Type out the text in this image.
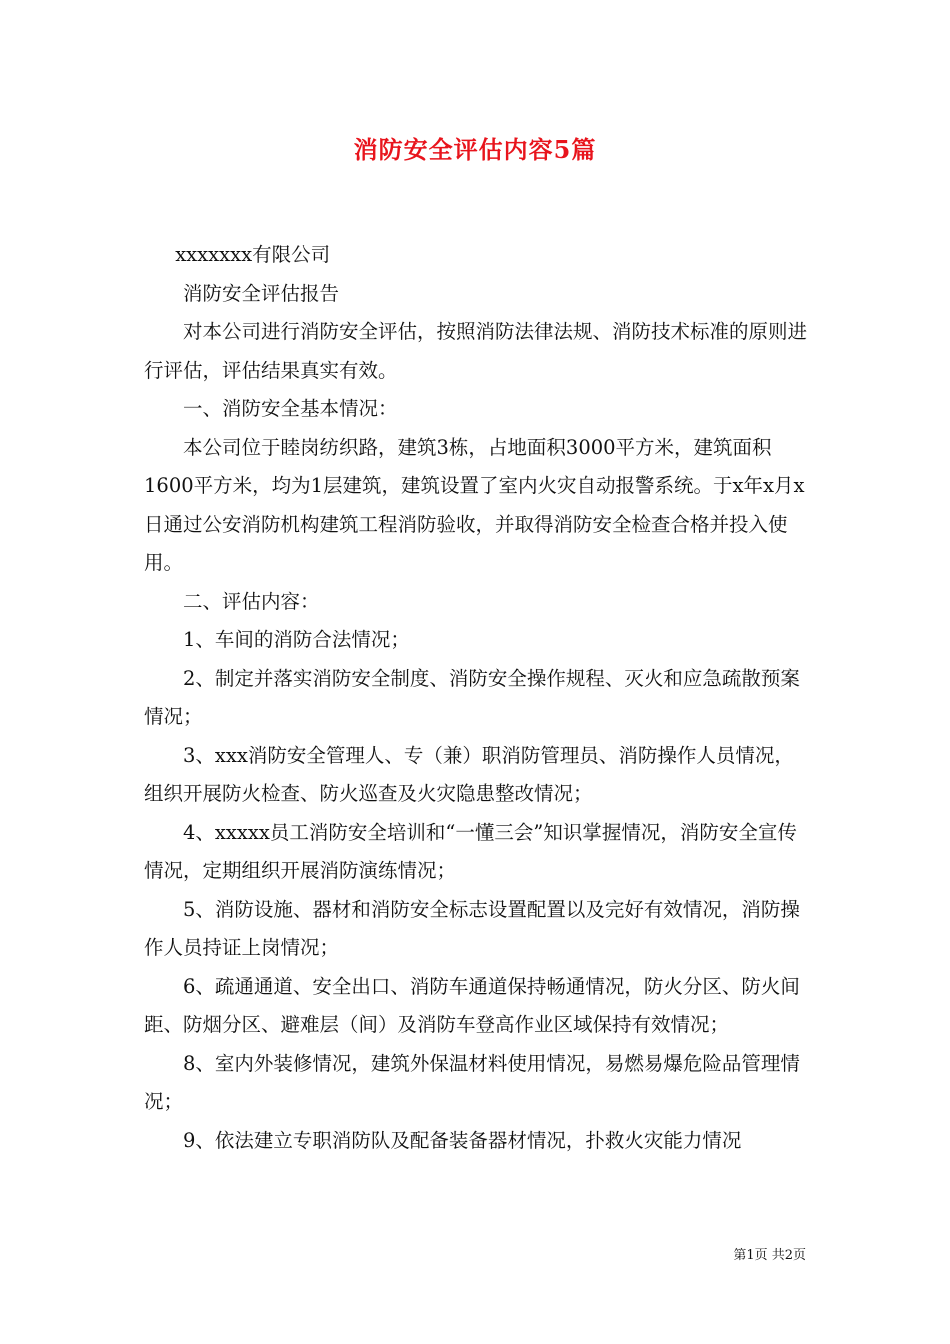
消防安全评估内容5篇

xxxxxxx有限公司

消防安全评估报告

对本公司进行消防安全评估，按照消防法律法规、消防技术标准的原则进行评估，评估结果真实有效。

一、消防安全基本情况：

本公司位于睦岗纺织路，建筑3栋，占地面积3000平方米，建筑面积1600平方米，均为1层建筑，建筑设置了室内火灾自动报警系统。于x年x月x日通过公安消防机构建筑工程消防验收，并取得消防安全检查合格并投入使用。

二、评估内容：

1、车间的消防合法情况；

2、制定并落实消防安全制度、消防安全操作规程、灭火和应急疏散预案情况；

3、xxx消防安全管理人、专（兼）职消防管理员、消防操作人员情况，组织开展防火检查、防火巡查及火灾隐患整改情况；

4、xxxxx员工消防安全培训和“一懂三会”知识掌握情况，消防安全宣传情况，定期组织开展消防演练情况；

5、消防设施、器材和消防安全标志设置配置以及完好有效情况，消防操作人员持证上岗情况；

6、疏通通道、安全出口、消防车通道保持畅通情况，防火分区、防火间距、防烟分区、避难层（间）及消防车登高作业区域保持有效情况；

8、室内外装修情况，建筑外保温材料使用情况，易燃易爆危险品管理情况；

9、依法建立专职消防队及配备装备器材情况，扑救火灾能力情况

第1页 共2页
